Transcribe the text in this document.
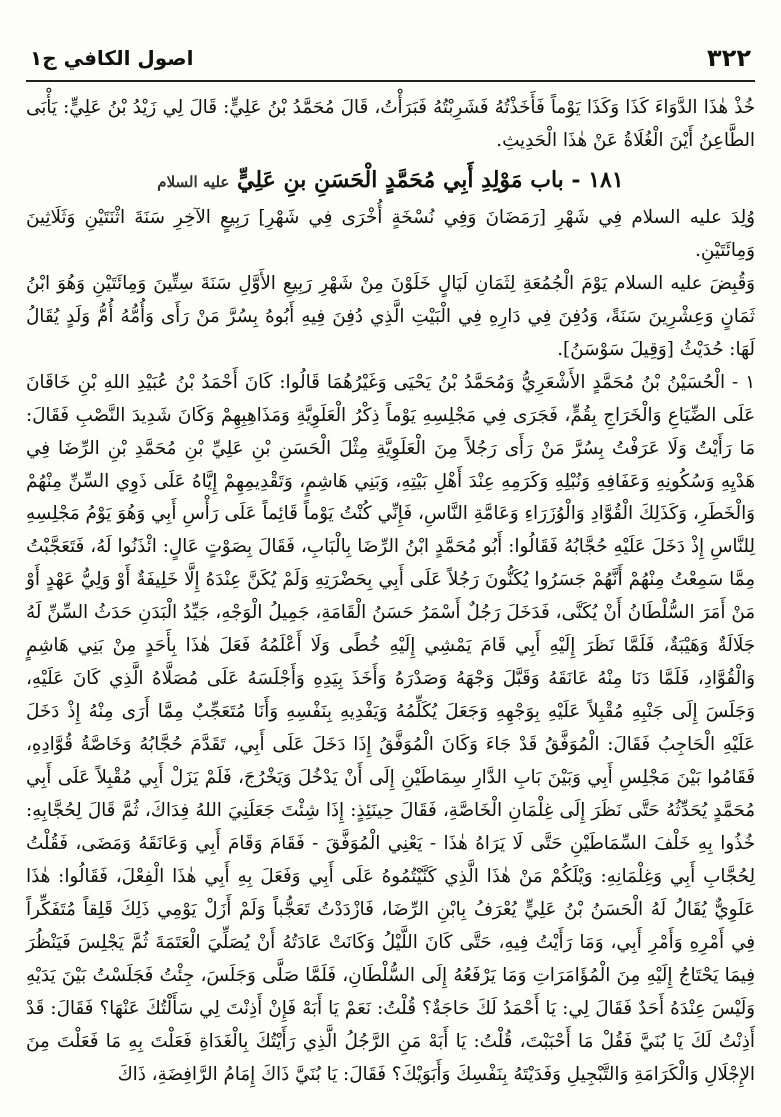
٣٢٢
اصول الكافي ج١

خُذْ هٰذَا الدَّوَاءَ كَذَا وَكَذَا يَوْماً فَأَخَذْتُهُ فَشَرِبْتُهُ فَبَرَأْتُ، قَالَ مُحَمَّدُ بْنُ عَلِيٍّ: قَالَ لِي زَيْدُ بْنُ عَلِيٍّ: يَأْبَى الطَّاعِنُ أَيْنَ الْغُلَاةُ عَنْ هٰذَا الْحَدِيثِ.

١٨١ - باب مَوْلِدِ أَبِي مُحَمَّدٍ الْحَسَنِ بنِ عَلِيٍّ عليه السلام

وُلِدَ عليه السلام فِي شَهْرِ [رَمَضَانَ وَفِي نُسْخَةٍ أُخْرَى فِي شَهْرِ] رَبِيعٍ الآخِرِ سَنَةَ اثْنَتَيْنِ وَثَلَاثِينَ وَمِائَتَيْنِ.

وَقُبِضَ عليه السلام يَوْمَ الْجُمُعَةِ لِثَمَانِ لَيَالٍ خَلَوْنَ مِنْ شَهْرِ رَبِيعِ الأَوَّلِ سَنَةَ سِتِّينَ وَمِائَتَيْنِ وَهُوَ ابْنُ ثَمَانٍ وَعِشْرِينَ سَنَةً، وَدُفِنَ فِي دَارِهِ فِي الْبَيْتِ الَّذِي دُفِنَ فِيهِ أَبُوهُ بِسُرَّ مَنْ رَأَى وَأُمُّهُ أُمُّ وَلَدٍ يُقَالُ لَهَا: حُدَيْثُ [وَقِيلَ سَوْسَنُ].

١ - الْحُسَيْنُ بْنُ مُحَمَّدٍ الأَشْعَرِيُّ وَمُحَمَّدُ بْنُ يَحْيَى وَغَيْرُهُمَا قَالُوا: كَانَ أَحْمَدُ بْنُ عُبَيْدِ اللهِ بْنِ خَاقَانَ عَلَى الضِّيَاعِ وَالْخَرَاجِ بِقُمٍّ، فَجَرَى فِي مَجْلِسِهِ يَوْماً ذِكْرُ الْعَلَوِيَّةِ وَمَذَاهِبِهِمْ وَكَانَ شَدِيدَ النَّصْبِ فَقَالَ: مَا رَأَيْتُ وَلَا عَرَفْتُ بِسُرَّ مَنْ رَأَى رَجُلاً مِنَ الْعَلَوِيَّةِ مِثْلَ الْحَسَنِ بْنِ عَلِيِّ بْنِ مُحَمَّدِ بْنِ الرِّضَا فِي هَدْيِهِ وَسُكُونِهِ وَعَفَافِهِ وَنُبْلِهِ وَكَرَمِهِ عِنْدَ أَهْلِ بَيْتِهِ، وَبَنِي هَاشِمٍ، وَتَقْدِيمِهِمْ إِيَّاهُ عَلَى ذَوِي السِّنِّ مِنْهُمْ وَالْخَطَرِ، وَكَذَلِكَ الْقُوَّادِ وَالْوُزَرَاءِ وَعَامَّةِ النَّاسِ، فَإِنِّي كُنْتُ يَوْماً قَائِماً عَلَى رَأْسِ أَبِي وَهُوَ يَوْمُ مَجْلِسِهِ لِلنَّاسِ إِذْ دَخَلَ عَلَيْهِ حُجَّابُهُ فَقَالُوا: أَبُو مُحَمَّدٍ ابْنُ الرِّضَا بِالْبَابِ، فَقَالَ بِصَوْتٍ عَالٍ: ائْذَنُوا لَهُ، فَتَعَجَّبْتُ مِمَّا سَمِعْتُ مِنْهُمْ أَنَّهُمْ جَسَرُوا يُكَنُّونَ رَجُلاً عَلَى أَبِي بِحَضْرَتِهِ وَلَمْ يُكَنَّ عِنْدَهُ إِلَّا خَلِيفَةٌ أَوْ وَلِيُّ عَهْدٍ أَوْ مَنْ أَمَرَ السُّلْطَانُ أَنْ يُكَنَّى، فَدَخَلَ رَجُلٌ أَسْمَرُ حَسَنُ الْقَامَةِ، جَمِيلُ الْوَجْهِ، جَيِّدُ الْبَدَنِ حَدَثُ السِّنِّ لَهُ جَلَالَةٌ وَهَيْبَةٌ، فَلَمَّا نَظَرَ إِلَيْهِ أَبِي قَامَ يَمْشِي إِلَيْهِ خُطًى وَلَا أَعْلَمُهُ فَعَلَ هٰذَا بِأَحَدٍ مِنْ بَنِي هَاشِمٍ وَالْقُوَّادِ، فَلَمَّا دَنَا مِنْهُ عَانَقَهُ وَقَبَّلَ وَجْهَهُ وَصَدْرَهُ وَأَخَذَ بِيَدِهِ وَأَجْلَسَهُ عَلَى مُصَلَّاهُ الَّذِي كَانَ عَلَيْهِ، وَجَلَسَ إِلَى جَنْبِهِ مُقْبِلاً عَلَيْهِ بِوَجْهِهِ وَجَعَلَ يُكَلِّمُهُ وَيَفْدِيهِ بِنَفْسِهِ وَأَنَا مُتَعَجِّبٌ مِمَّا أَرَى مِنْهُ إِذْ دَخَلَ عَلَيْهِ الْحَاجِبُ فَقَالَ: الْمُوَفَّقُ قَدْ جَاءَ وَكَانَ الْمُوَفَّقُ إِذَا دَخَلَ عَلَى أَبِي، تَقَدَّمَ حُجَّابُهُ وَخَاصَّةُ قُوَّادِهِ، فَقَامُوا بَيْنَ مَجْلِسِ أَبِي وَبَيْنَ بَابِ الدَّارِ سِمَاطَيْنِ إِلَى أَنْ يَدْخُلَ وَيَخْرُجَ، فَلَمْ يَزَلْ أَبِي مُقْبِلاً عَلَى أَبِي مُحَمَّدٍ يُحَدِّثُهُ حَتَّى نَظَرَ إِلَى غِلْمَانِ الْخَاصَّةِ، فَقَالَ حِينَئِذٍ: إِذَا شِئْتَ جَعَلَنِيَ اللهُ فِدَاكَ، ثُمَّ قَالَ لِحُجَّابِهِ: خُذُوا بِهِ خَلْفَ السِّمَاطَيْنِ حَتَّى لَا يَرَاهُ هٰذَا - يَعْنِي الْمُوَفَّقَ - فَقَامَ وَقَامَ أَبِي وَعَانَقَهُ وَمَضَى، فَقُلْتُ لِحُجَّابِ أَبِي وَغِلْمَانِهِ: وَيْلَكُمْ مَنْ هٰذَا الَّذِي كَنَّيْتُمُوهُ عَلَى أَبِي وَفَعَلَ بِهِ أَبِي هٰذَا الْفِعْلَ، فَقَالُوا: هٰذَا عَلَوِيٌّ يُقَالُ لَهُ الْحَسَنُ بْنُ عَلِيٍّ يُعْرَفُ بِابْنِ الرِّضَا، فَازْدَدْتُ تَعَجُّباً وَلَمْ أَزَلْ يَوْمِي ذَلِكَ قَلِقاً مُتَفَكِّراً فِي أَمْرِهِ وَأَمْرِ أَبِي، وَمَا رَأَيْتُ فِيهِ، حَتَّى كَانَ اللَّيْلُ وَكَانَتْ عَادَتُهُ أَنْ يُصَلِّيَ الْعَتَمَةَ ثُمَّ يَجْلِسَ فَيَنْظُرَ فِيمَا يَحْتَاجُ إِلَيْهِ مِنَ الْمُؤَامَرَاتِ وَمَا يَرْفَعُهُ إِلَى السُّلْطَانِ، فَلَمَّا صَلَّى وَجَلَسَ، جِئْتُ فَجَلَسْتُ بَيْنَ يَدَيْهِ وَلَيْسَ عِنْدَهُ أَحَدٌ فَقَالَ لِي: يَا أَحْمَدُ لَكَ حَاجَةٌ؟ قُلْتُ: نَعَمْ يَا أَبَهْ فَإِنْ أَذِنْتَ لِي سَأَلْتُكَ عَنْهَا؟ فَقَالَ: قَدْ أَذِنْتُ لَكَ يَا بُنَيَّ فَقُلْ مَا أَحْبَبْتَ، قُلْتُ: يَا أَبَهْ مَنِ الرَّجُلُ الَّذِي رَأَيْتُكَ بِالْغَدَاةِ فَعَلْتَ بِهِ مَا فَعَلْتَ مِنَ الإِجْلَالِ وَالْكَرَامَةِ وَالتَّبْجِيلِ وَفَدَيْتَهُ بِنَفْسِكَ وَأَبَوَيْكَ؟ فَقَالَ: يَا بُنَيَّ ذَاكَ إِمَامُ الرَّافِضَةِ، ذَاكَ
